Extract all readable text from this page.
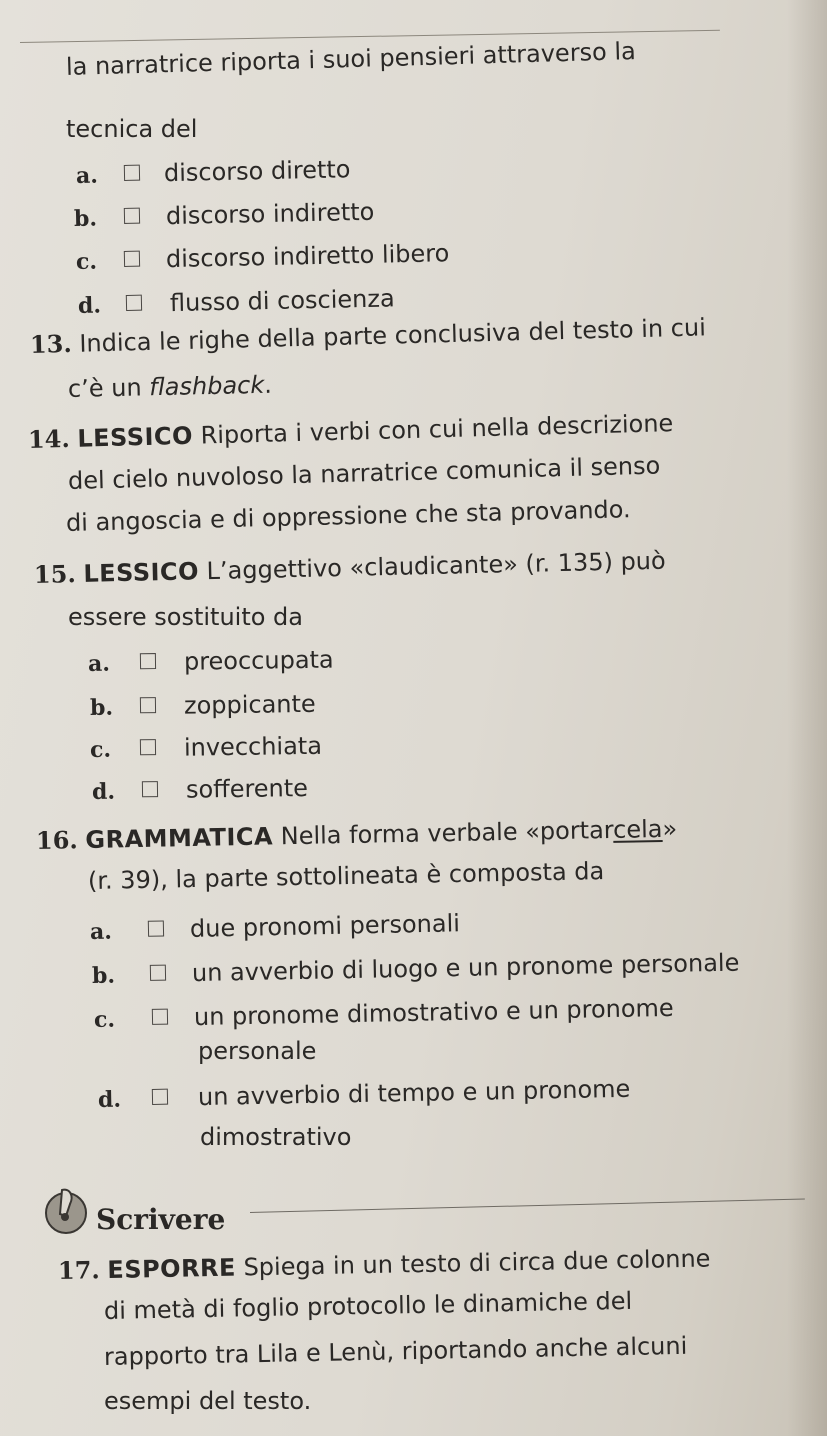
la narratrice riporta i suoi pensieri attraverso la
tecnica del
a.	discorso diretto
b.	discorso indiretto
c.	discorso indiretto libero
d.	flusso di coscienza
13. Indica le righe della parte conclusiva del testo in cui
c’è un flashback.
14. LESSICO Riporta i verbi con cui nella descrizione
del cielo nuvoloso la narratrice comunica il senso
di angoscia e di oppressione che sta provando.
15. LESSICO L’aggettivo «claudicante» (r. 135) può
essere sostituito da
a.	preoccupata
b.	zoppicante
c.	invecchiata
d.	sofferente
16. GRAMMATICA Nella forma verbale «portarcela»
(r. 39), la parte sottolineata è composta da
a.	due pronomi personali
b.	un avverbio di luogo e un pronome personale
c.	un pronome dimostrativo e un pronome
personale
d.	un avverbio di tempo e un pronome
dimostrativo
Scrivere
17. ESPORRE Spiega in un testo di circa due colonne
di metà di foglio protocollo le dinamiche del
rapporto tra Lila e Lenù, riportando anche alcuni
esempi del testo.
